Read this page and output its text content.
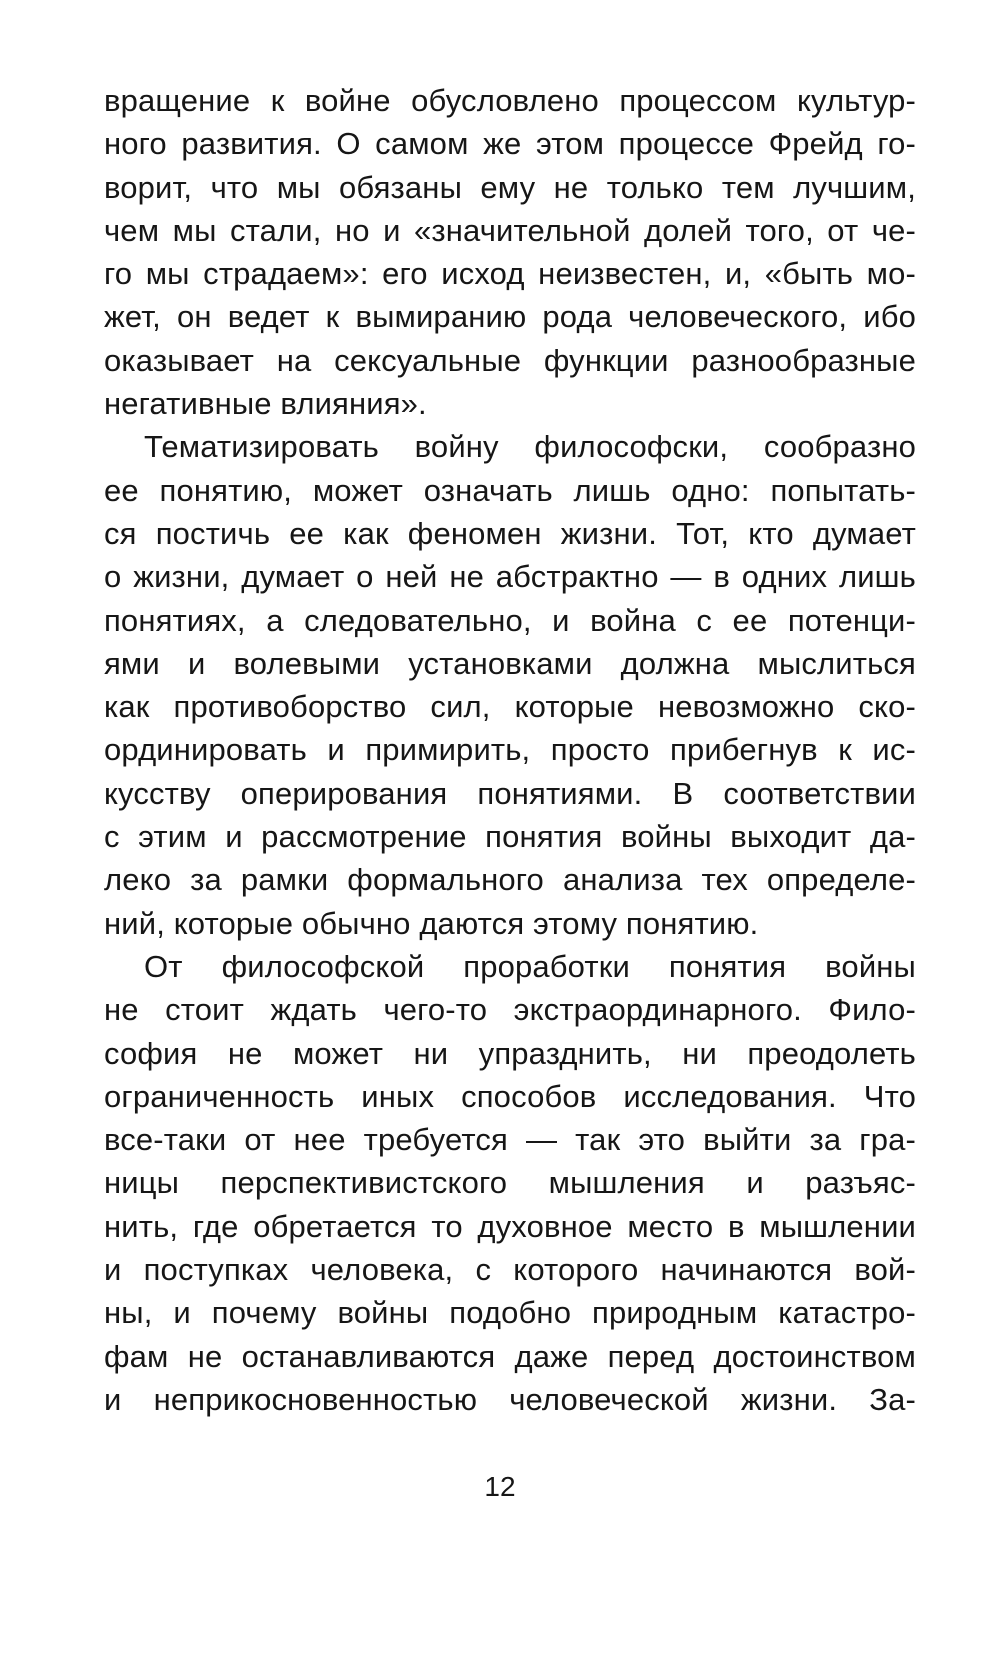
вращение к войне обусловлено процессом культур-
ного развития. О самом же этом процессе Фрейд го-
ворит, что мы обязаны ему не только тем лучшим,
чем мы стали, но и «значительной долей того, от че-
го мы страдаем»: его исход неизвестен, и, «быть мо-
жет, он ведет к вымиранию рода человеческого, ибо
оказывает на сексуальные функции разнообразные
негативные влияния».
Тематизировать войну философски, сообразно
ее понятию, может означать лишь одно: попытать-
ся постичь ее как феномен жизни. Тот, кто думает
о жизни, думает о ней не абстрактно — в одних лишь
понятиях, а следовательно, и война с ее потенци-
ями и волевыми установками должна мыслиться
как противоборство сил, которые невозможно ско-
ординировать и примирить, просто прибегнув к ис-
кусству оперирования понятиями. В соответствии
с этим и рассмотрение понятия войны выходит да-
леко за рамки формального анализа тех определе-
ний, которые обычно даются этому понятию.
От философской проработки понятия войны
не стоит ждать чего-то экстраординарного. Фило-
софия не может ни упразднить, ни преодолеть
ограниченность иных способов исследования. Что
все-таки от нее требуется — так это выйти за гра-
ницы перспективистского мышления и разъяс-
нить, где обретается то духовное место в мышлении
и поступках человека, с которого начинаются вой-
ны, и почему войны подобно природным катастро-
фам не останавливаются даже перед достоинством
и неприкосновенностью человеческой жизни. За-
12
